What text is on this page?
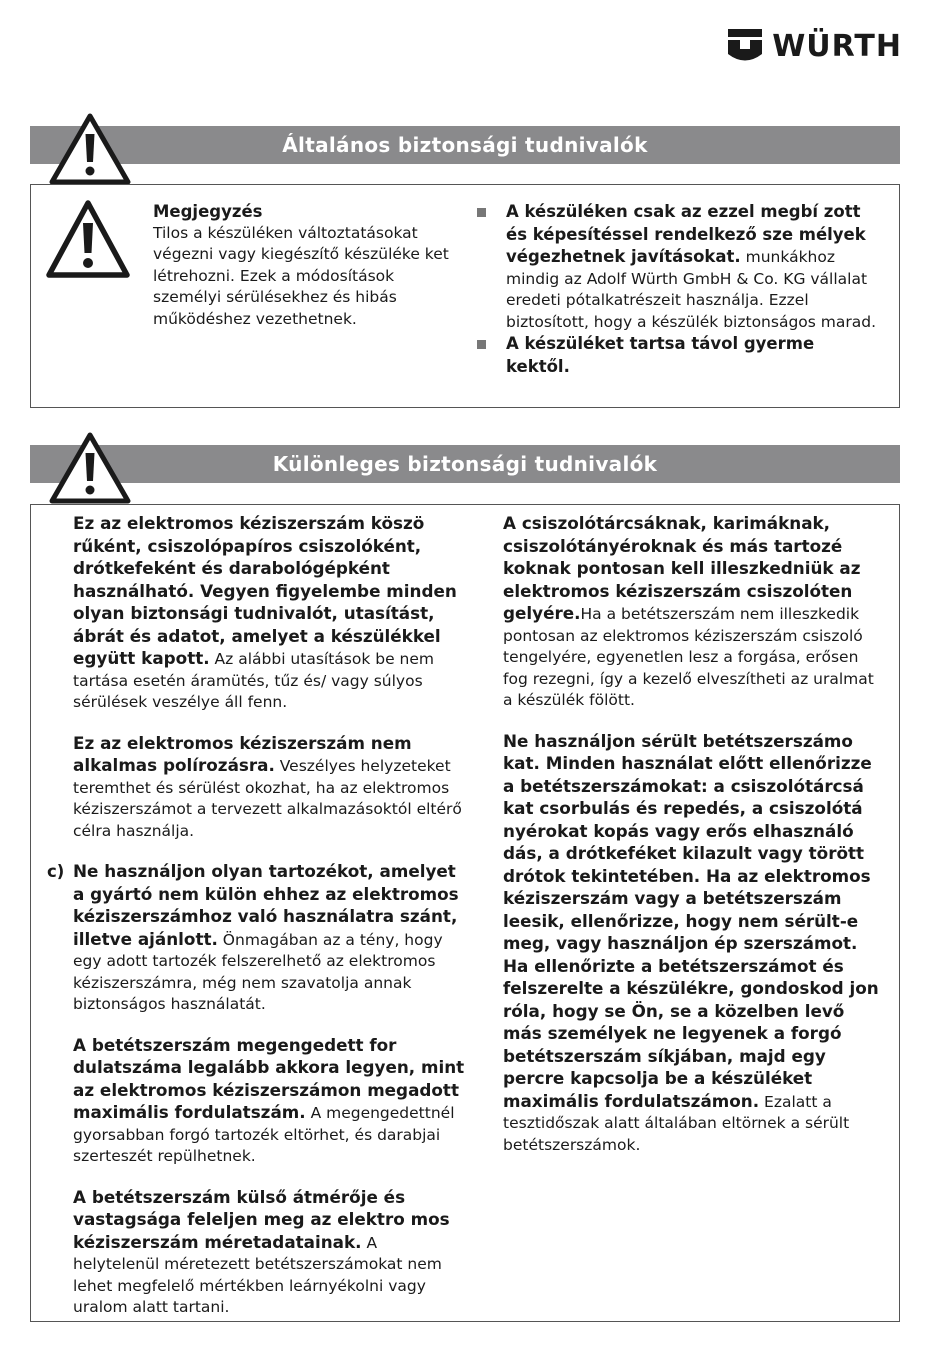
WÜRTH
Általános biztonsági tudnivalók
Megjegyzés
Tilos a készüléken változtatásokat végezni vagy kiegészítő készüléke ket létrehozni. Ezek a módosítások személyi sérülésekhez és hibás működéshez vezethetnek.
A készüléken csak az ezzel megbí zott és képesítéssel rendelkező sze mélyek végezhetnek javításokat. munkákhoz mindig az Adolf Würth GmbH & Co. KG vállalat eredeti pótalkatrészeit használja. Ezzel biztosított, hogy a készülék biztonságos marad.
A készüléket tartsa távol gyerme kektől.
Különleges biztonsági tudnivalók
Ez az elektromos kéziszerszám köszö rűként, csiszolópapíros csiszolóként, drótkefeként és darabológépként használható. Vegyen figyelembe minden olyan biztonsági tudnivalót, utasítást, ábrát és adatot, amelyet a készülékkel együtt kapott. Az alábbi utasítások be nem tartása esetén áramütés, tűz és/ vagy súlyos sérülések veszélye áll fenn.
Ez az elektromos kéziszerszám nem alkalmas polírozásra. Veszélyes helyzeteket teremthet és sérülést okozhat, ha az elektromos kéziszerszámot a tervezett alkalmazásoktól eltérő célra használja.
c) Ne használjon olyan tartozékot, amelyet a gyártó nem külön ehhez az elektromos kéziszerszámhoz való használatra szánt, illetve ajánlott. Önmagában az a tény, hogy egy adott tartozék felszerelhető az elektromos kéziszerszámra, még nem szavatolja annak biztonságos használatát.
A betétszerszám megengedett for dulatszáma legalább akkora legyen, mint az elektromos kéziszerszámon megadott maximális fordulatszám. A megengedettnél gyorsabban forgó tartozék eltörhet, és darabjai szerteszét repülhetnek.
A betétszerszám külső átmérője és vastagsága feleljen meg az elektro mos kéziszerszám méretadatainak. A helytelenül méretezett betétszerszámokat nem lehet megfelelő mértékben leárnyékolni vagy uralom alatt tartani.
A csiszolótárcsáknak, karimáknak, csiszolótányéroknak és más tartozé koknak pontosan kell illeszkedniük az elektromos kéziszerszám csiszolóten gelyére.Ha a betétszerszám nem illeszkedik pontosan az elektromos kéziszerszám csiszoló tengelyére, egyenetlen lesz a forgása, erősen fog rezegni, így a kezelő elveszítheti az uralmat a készülék fölött.
Ne használjon sérült betétszerszámo kat. Minden használat előtt ellenőrizze a betétszerszámokat: a csiszolótárcsá kat csorbulás és repedés, a csiszolótá nyérokat kopás vagy erős elhasználó dás, a drótkeféket kilazult vagy törött drótok tekintetében. Ha az elektromos kéziszerszám vagy a betétszerszám leesik, ellenőrizze, hogy nem sérült-e meg, vagy használjon ép szerszámot. Ha ellenőrizte a betétszerszámot és felszerelte a készülékre, gondoskod jon róla, hogy se Ön, se a közelben levő más személyek ne legyenek a forgó betétszerszám síkjában, majd egy percre kapcsolja be a készüléket maximális fordulatszámon. Ezalatt a tesztidőszak alatt általában eltörnek a sérült betétszerszámok.
